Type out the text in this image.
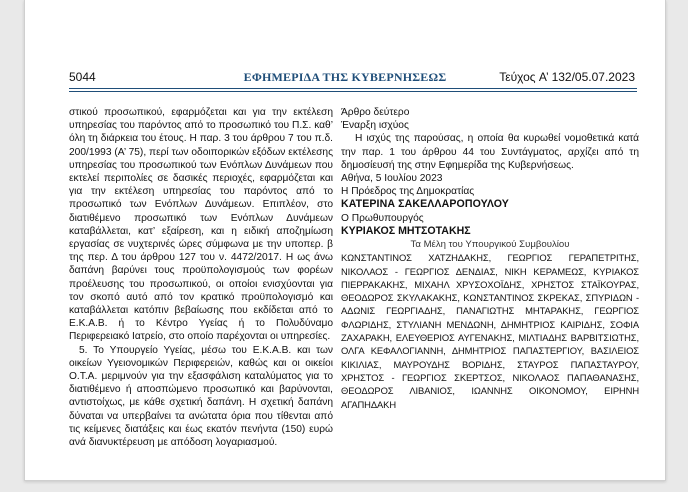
5044	ΕΦΗΜΕΡΙΔΑ ΤΗΣ ΚΥΒΕΡΝΗΣΕΩΣ	Τεύχος A’ 132/05.07.2023

στικού προσωπικού, εφαρμόζεται και για την εκτέλεση υπηρεσίας του παρόντος από το προσωπικό του Π.Σ. καθ’ όλη τη διάρκεια του έτους. Η παρ. 3 του άρθρου 7 του π.δ. 200/1993 (Α’ 75), περί των οδοιπορικών εξόδων εκτέλεσης υπηρεσίας του προσωπικού των Ενόπλων Δυνάμεων που εκτελεί περιπολίες σε δασικές περιοχές, εφαρμόζεται και για την εκτέλεση υπηρεσίας του παρόντος από το προσωπικό των Ενόπλων Δυνάμεων. Επιπλέον, στο διατιθέμενο προσωπικό των Ενόπλων Δυνάμεων καταβάλλεται, κατ’ εξαίρεση, και η ειδική αποζημίωση εργασίας σε νυχτερινές ώρες σύμφωνα με την υποπερ. β της περ. Δ του άρθρου 127 του ν. 4472/2017. Η ως άνω δαπάνη βαρύνει τους προϋπολογισμούς των φορέων προέλευσης του προσωπικού, οι οποίοι ενισχύονται για τον σκοπό αυτό από τον κρατικό προϋπολογισμό και καταβάλλεται κατόπιν βεβαίωσης που εκδίδεται από το Ε.Κ.Α.Β. ή το Κέντρο Υγείας ή το Πολυδύναμο Περιφερειακό Ιατρείο, στο οποίο παρέχονται οι υπηρεσίες.

5. Το Υπουργείο Υγείας, μέσω του Ε.Κ.Α.Β. και των οικείων Υγειονομικών Περιφερειών, καθώς και οι οικείοι Ο.Τ.Α. μεριμνούν για την εξασφάλιση καταλύματος για το διατιθέμενο ή αποσπώμενο προσωπικό και βαρύνονται, αντιστοίχως, με κάθε σχετική δαπάνη. Η σχετική δαπάνη δύναται να υπερβαίνει τα ανώτατα όρια που τίθενται από τις κείμενες διατάξεις και έως εκατόν πενήντα (150) ευρώ ανά διανυκτέρευση με απόδοση λογαριασμού.

Άρθρο δεύτερο

Έναρξη ισχύος

Η ισχύς της παρούσας, η οποία θα κυρωθεί νομοθετικά κατά την παρ. 1 του άρθρου 44 του Συντάγματος, αρχίζει από τη δημοσίευσή της στην Εφημερίδα της Κυβερνήσεως.

Αθήνα, 5 Ιουλίου 2023

Η Πρόεδρος της Δημοκρατίας

ΚΑΤΕΡΙΝΑ ΣΑΚΕΛΛΑΡΟΠΟΥΛΟΥ

Ο Πρωθυπουργός

ΚΥΡΙΑΚΟΣ ΜΗΤΣΟΤΑΚΗΣ

Τα Μέλη του Υπουργικού Συμβουλίου

ΚΩΝΣΤΑΝΤΙΝΟΣ ΧΑΤΖΗΔΑΚΗΣ, ΓΕΩΡΓΙΟΣ ΓΕΡΑΠΕΤΡΙΤΗΣ, ΝΙΚΟΛΑΟΣ - ΓΕΩΡΓΙΟΣ ΔΕΝΔΙΑΣ, ΝΙΚΗ ΚΕΡΑΜΕΩΣ, ΚΥΡΙΑΚΟΣ ΠΙΕΡΡΑΚΑΚΗΣ, ΜΙΧΑΗΛ ΧΡΥΣΟΧΟΪΔΗΣ, ΧΡΗΣΤΟΣ ΣΤΑΪΚΟΥΡΑΣ, ΘΕΟΔΩΡΟΣ ΣΚΥΛΑΚΑΚΗΣ, ΚΩΝΣΤΑΝΤΙΝΟΣ ΣΚΡΕΚΑΣ, ΣΠΥΡΙΔΩΝ - ΑΔΩΝΙΣ ΓΕΩΡΓΙΑΔΗΣ, ΠΑΝΑΓΙΩΤΗΣ ΜΗΤΑΡΑΚΗΣ, ΓΕΩΡΓΙΟΣ ΦΛΩΡΙΔΗΣ, ΣΤΥΛΙΑΝΗ ΜΕΝΔΩΝΗ, ΔΗΜΗΤΡΙΟΣ ΚΑΙΡΙΔΗΣ, ΣΟΦΙΑ ΖΑΧΑΡΑΚΗ, ΕΛΕΥΘΕΡΙΟΣ ΑΥΓΕΝΑΚΗΣ, ΜΙΛΤΙΑΔΗΣ ΒΑΡΒΙΤΣΙΩΤΗΣ, ΟΛΓΑ ΚΕΦΑΛΟΓΙΑΝΝΗ, ΔΗΜΗΤΡΙΟΣ ΠΑΠΑΣΤΕΡΓΙΟΥ, ΒΑΣΙΛΕΙΟΣ ΚΙΚΙΛΙΑΣ, ΜΑΥΡΟΥΔΗΣ ΒΟΡΙΔΗΣ, ΣΤΑΥΡΟΣ ΠΑΠΑΣΤΑΥΡΟΥ, ΧΡΗΣΤΟΣ - ΓΕΩΡΓΙΟΣ ΣΚΕΡΤΣΟΣ, ΝΙΚΟΛΑΟΣ ΠΑΠΑΘΑΝΑΣΗΣ, ΘΕΟΔΩΡΟΣ ΛΙΒΑΝΙΟΣ, ΙΩΑΝΝΗΣ ΟΙΚΟΝΟΜΟΥ, ΕΙΡΗΝΗ ΑΓΑΠΗΔΑΚΗ
